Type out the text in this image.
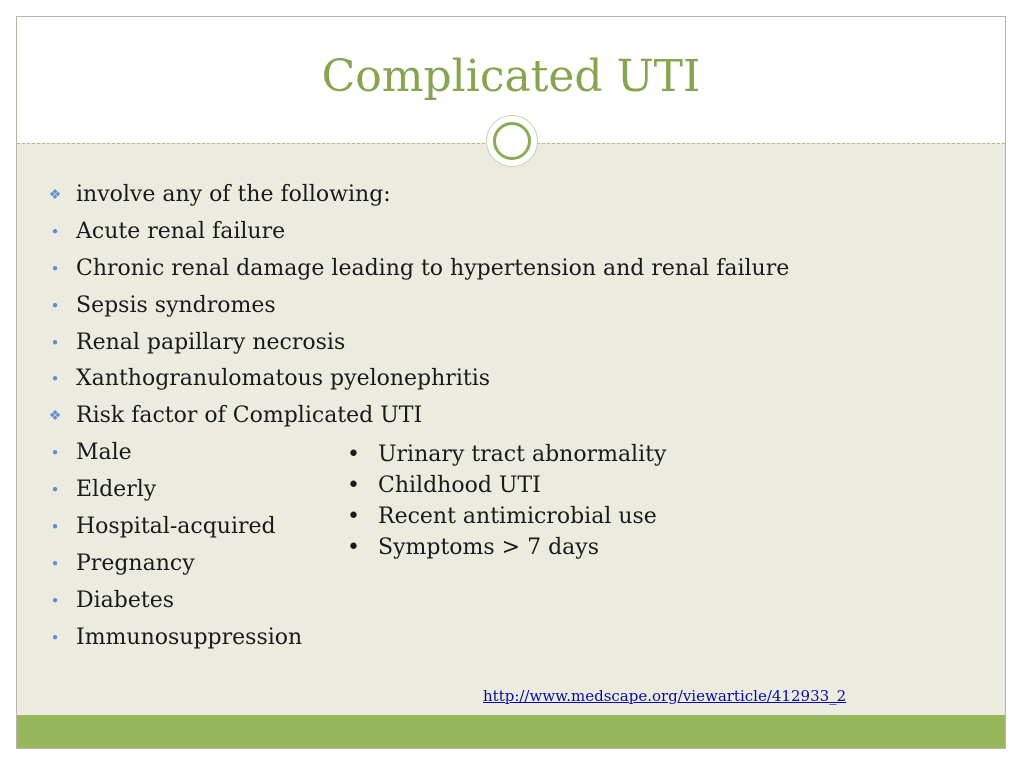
Complicated UTI
❖ involve any of the following:
• Acute renal failure
• Chronic renal damage leading to hypertension and renal failure
• Sepsis syndromes
• Renal papillary necrosis
• Xanthogranulomatous pyelonephritis
❖ Risk factor of Complicated UTI
• Male
• Elderly
• Hospital-acquired
• Pregnancy
• Diabetes
• Immunosuppression
• Urinary tract abnormality
• Childhood UTI
• Recent antimicrobial use
• Symptoms > 7 days
http://www.medscape.org/viewarticle/412933_2
